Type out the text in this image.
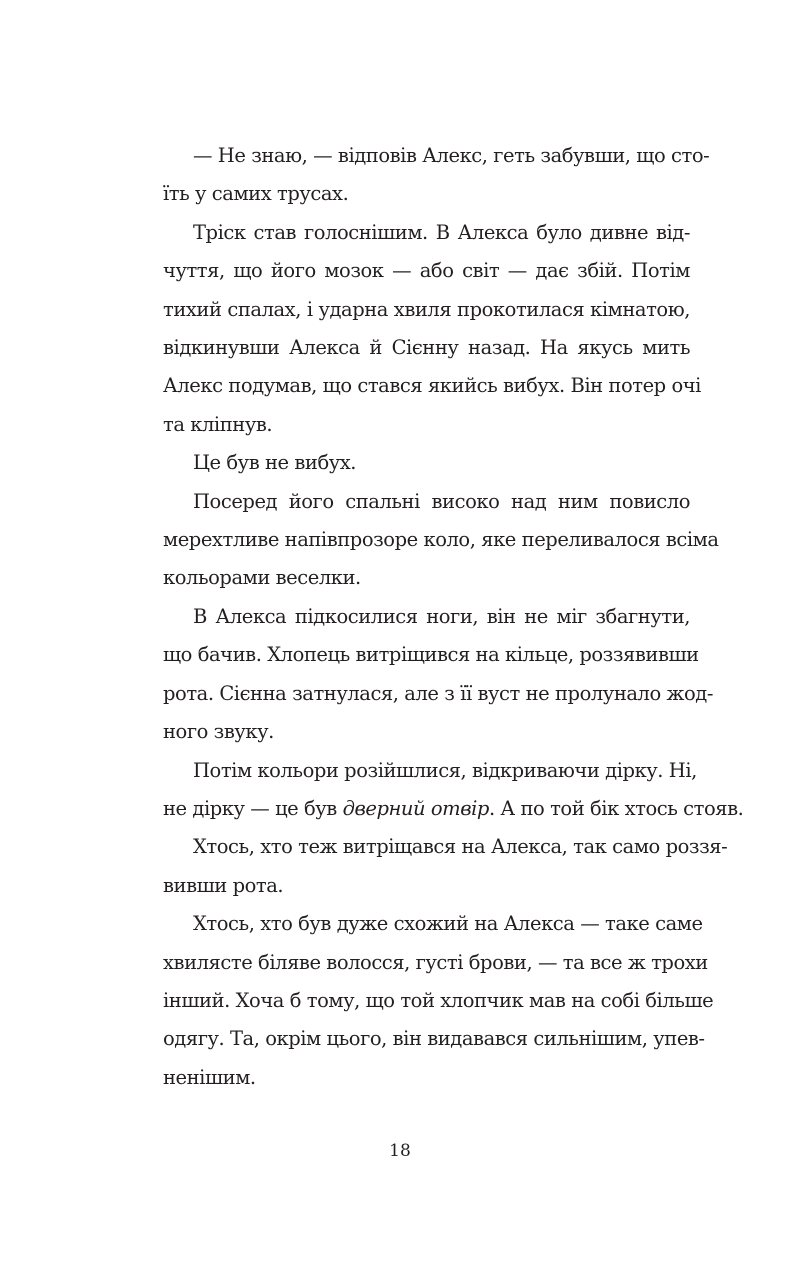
— Не знаю, — відповів Алекс, геть забувши, що сто-
їть у самих трусах.

Тріск став голоснішим. В Алекса було дивне від-
чуття, що його мозок — або світ — дає збій. Потім
тихий спалах, і ударна хвиля прокотилася кімнатою,
відкинувши Алекса й Сієнну назад. На якусь мить
Алекс подумав, що стався якийсь вибух. Він потер очі
та кліпнув.

Це був не вибух.

Посеред його спальні високо над ним повисло
мерехтливе напівпрозоре коло, яке переливалося всіма
кольорами веселки.

В Алекса підкосилися ноги, він не міг збагнути,
що бачив. Хлопець витріщився на кільце, роззявивши
рота. Сієнна затнулася, але з її вуст не пролунало жод-
ного звуку.

Потім кольори розійшлися, відкриваючи дірку. Ні,
не дірку — це був дверний отвір. А по той бік хтось стояв.

Хтось, хто теж витріщався на Алекса, так само роззя-
вивши рота.

Хтось, хто був дуже схожий на Алекса — таке саме
хвилясте біляве волосся, густі брови, — та все ж трохи
інший. Хоча б тому, що той хлопчик мав на собі більше
одягу. Та, окрім цього, він видавався сильнішим, упев-
ненішим.

18
